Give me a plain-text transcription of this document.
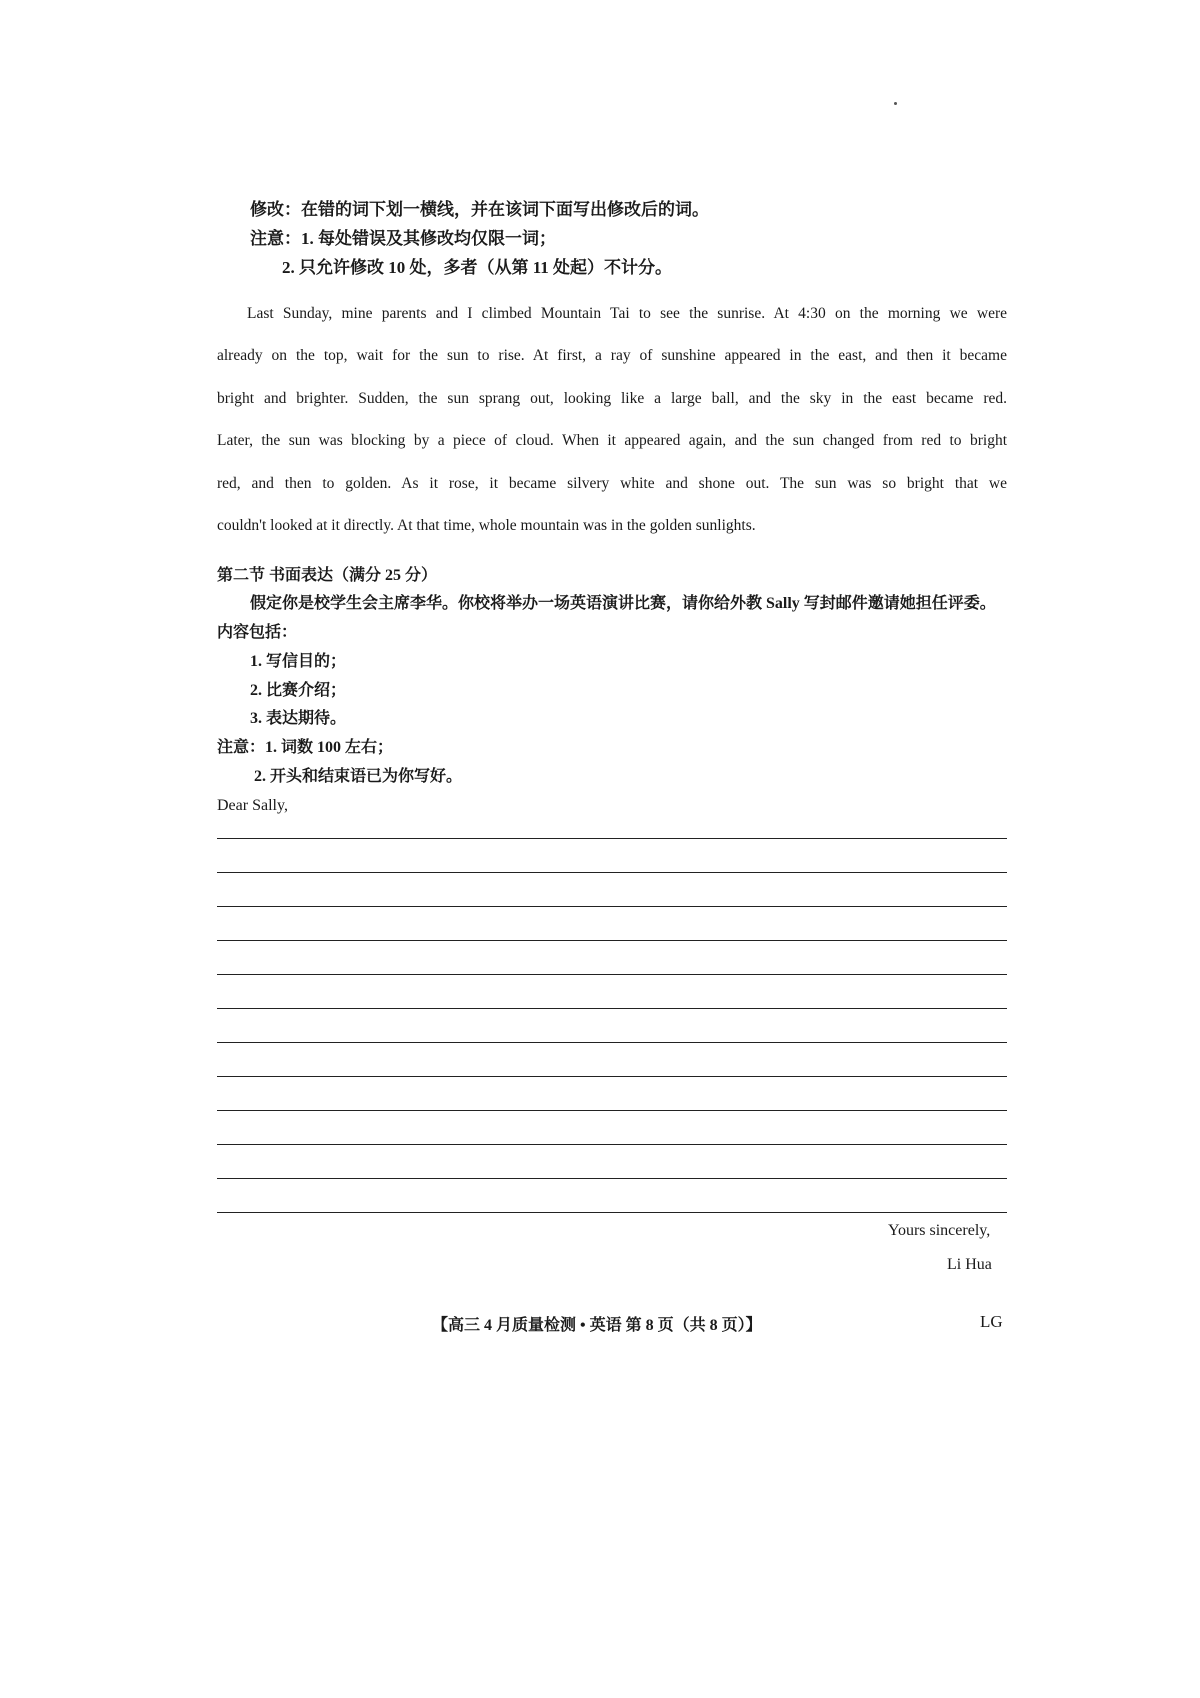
修改：在错的词下划一横线，并在该词下面写出修改后的词。
注意：1. 每处错误及其修改均仅限一词；
2. 只允许修改 10 处，多者（从第 11 处起）不计分。
Last Sunday, mine parents and I climbed Mountain Tai to see the sunrise. At 4:30 on the morning we were
already on the top, wait for the sun to rise. At first, a ray of sunshine appeared in the east, and then it became
bright and brighter. Sudden, the sun sprang out, looking like a large ball, and the sky in the east became red.
Later, the sun was blocking by a piece of cloud. When it appeared again, and the sun changed from red to bright
red, and then to golden. As it rose, it became silvery white and shone out. The sun was so bright that we
couldn't looked at it directly. At that time, whole mountain was in the golden sunlights.
第二节 书面表达（满分 25 分）
假定你是校学生会主席李华。你校将举办一场英语演讲比赛，请你给外教 Sally 写封邮件邀请她担任评委。
内容包括：
1. 写信目的；
2. 比赛介绍；
3. 表达期待。
注意：1. 词数 100 左右；
2. 开头和结束语已为你写好。
Dear Sally,
Yours sincerely,
Li Hua
【高三 4 月质量检测 • 英语 第 8 页（共 8 页）】	LG
